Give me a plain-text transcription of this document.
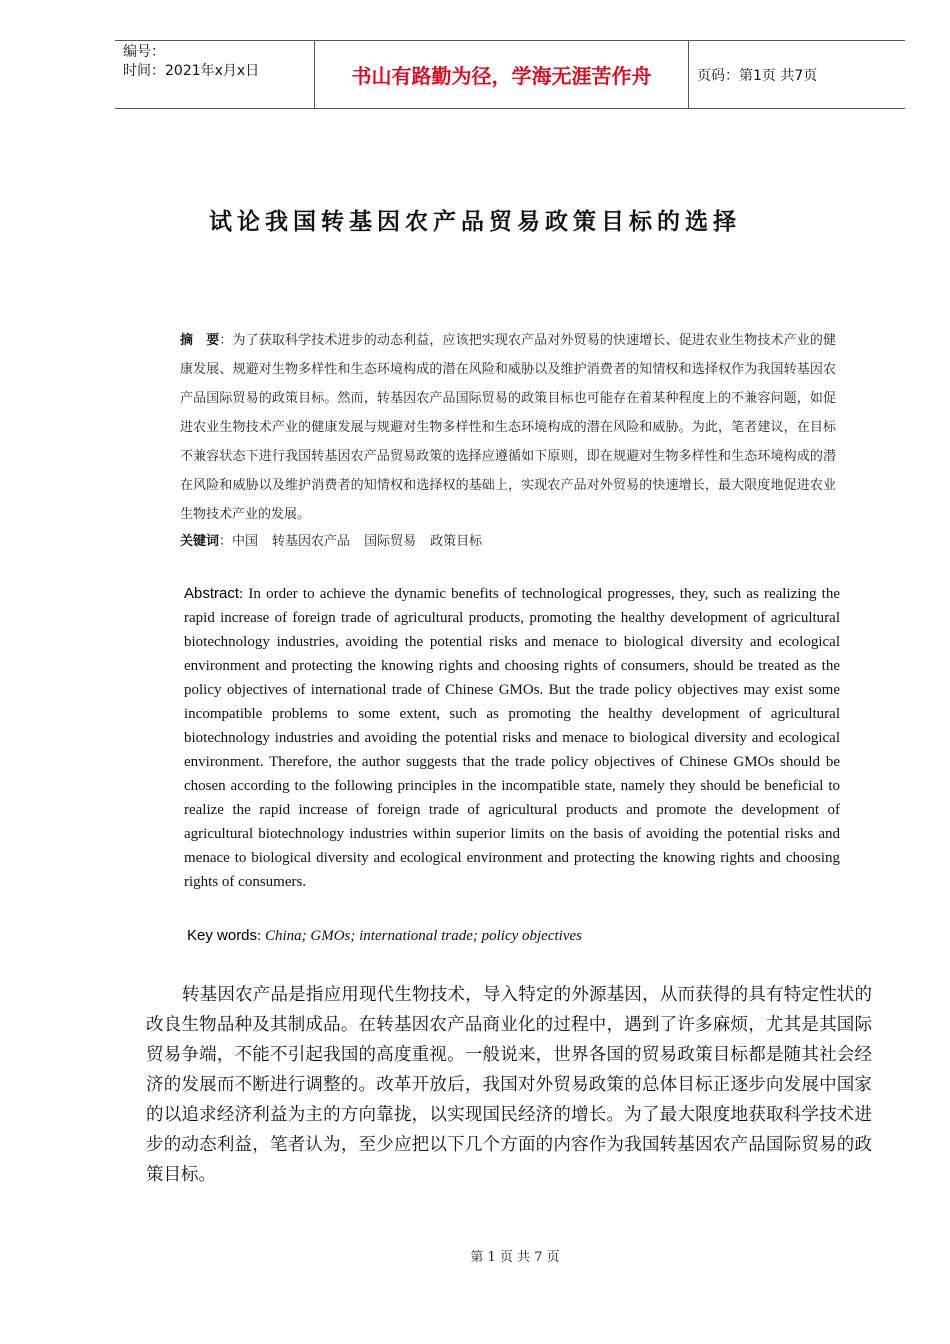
编号：
时间：2021年x月x日	书山有路勤为径，学海无涯苦作舟	页码：第1页 共7页
试论我国转基因农产品贸易政策目标的选择
摘　要：为了获取科学技术进步的动态利益，应该把实现农产品对外贸易的快速增长、促进农业生物技术产业的健康发展、规避对生物多样性和生态环境构成的潜在风险和威胁以及维护消费者的知情权和选择权作为我国转基因农产品国际贸易的政策目标。然而，转基因农产品国际贸易的政策目标也可能存在着某种程度上的不兼容问题，如促进农业生物技术产业的健康发展与规避对生物多样性和生态环境构成的潜在风险和威胁。为此，笔者建议，在目标不兼容状态下进行我国转基因农产品贸易政策的选择应遵循如下原则，即在规避对生物多样性和生态环境构成的潜在风险和威胁以及维护消费者的知情权和选择权的基础上，实现农产品对外贸易的快速增长，最大限度地促进农业生物技术产业的发展。
关键词：中国 转基因农产品 国际贸易 政策目标
Abstract: In order to achieve the dynamic benefits of technological progresses, they, such as realizing the rapid increase of foreign trade of agricultural products, promoting the healthy development of agricultural biotechnology industries, avoiding the potential risks and menace to biological diversity and ecological environment and protecting the knowing rights and choosing rights of consumers, should be treated as the policy objectives of international trade of Chinese GMOs. But the trade policy objectives may exist some incompatible problems to some extent, such as promoting the healthy development of agricultural biotechnology industries and avoiding the potential risks and menace to biological diversity and ecological environment. Therefore, the author suggests that the trade policy objectives of Chinese GMOs should be chosen according to the following principles in the incompatible state, namely they should be beneficial to realize the rapid increase of foreign trade of agricultural products and promote the development of agricultural biotechnology industries within superior limits on the basis of avoiding the potential risks and menace to biological diversity and ecological environment and protecting the knowing rights and choosing rights of consumers.
Key words: China; GMOs; international trade; policy objectives
转基因农产品是指应用现代生物技术，导入特定的外源基因，从而获得的具有特定性状的改良生物品种及其制成品。在转基因农产品商业化的过程中，遇到了许多麻烦，尤其是其国际贸易争端，不能不引起我国的高度重视。一般说来，世界各国的贸易政策目标都是随其社会经济的发展而不断进行调整的。改革开放后，我国对外贸易政策的总体目标正逐步向发展中国家的以追求经济利益为主的方向靠拢，以实现国民经济的增长。为了最大限度地获取科学技术进步的动态利益，笔者认为，至少应把以下几个方面的内容作为我国转基因农产品国际贸易的政策目标。
第 1 页 共 7 页
